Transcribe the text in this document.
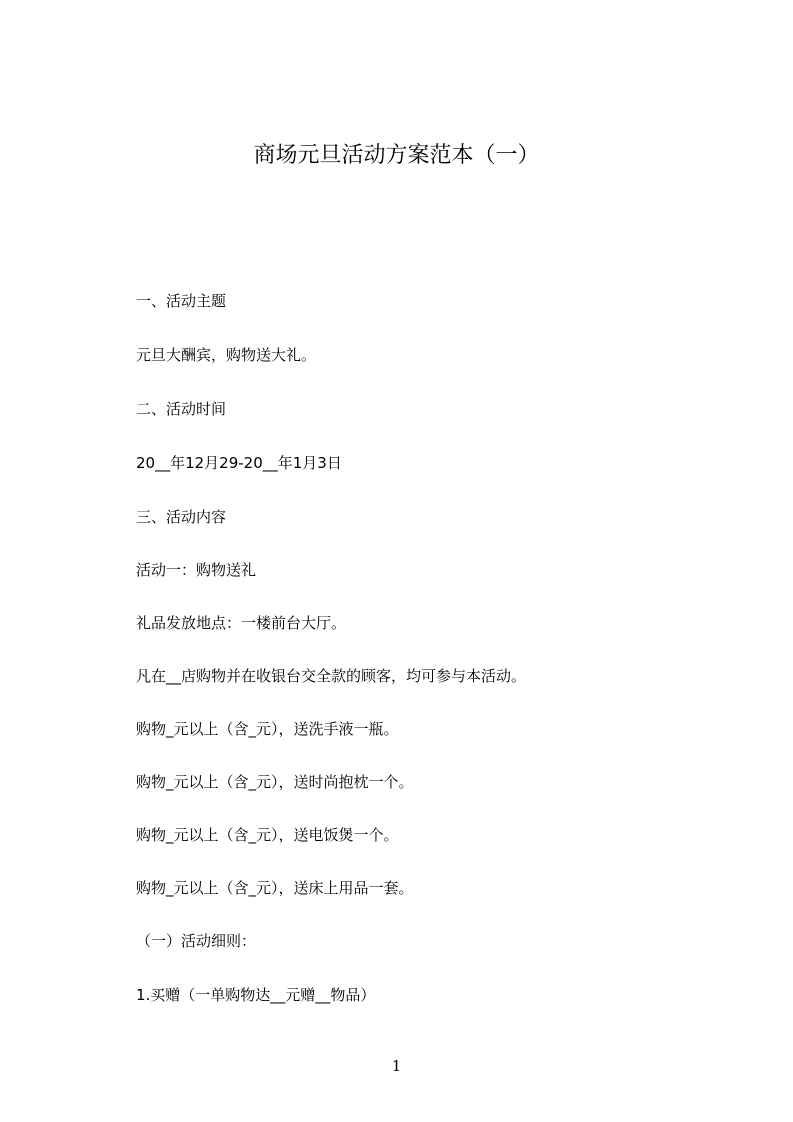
商场元旦活动方案范本（一）
一、活动主题
元旦大酬宾，购物送大礼。
二、活动时间
20__年12月29-20__年1月3日
三、活动内容
活动一：购物送礼
礼品发放地点：一楼前台大厅。
凡在__店购物并在收银台交全款的顾客，均可参与本活动。
购物_元以上（含_元），送洗手液一瓶。
购物_元以上（含_元），送时尚抱枕一个。
购物_元以上（含_元），送电饭煲一个。
购物_元以上（含_元），送床上用品一套。
（一）活动细则：
1.买赠（一单购物达__元赠__物品）
1
